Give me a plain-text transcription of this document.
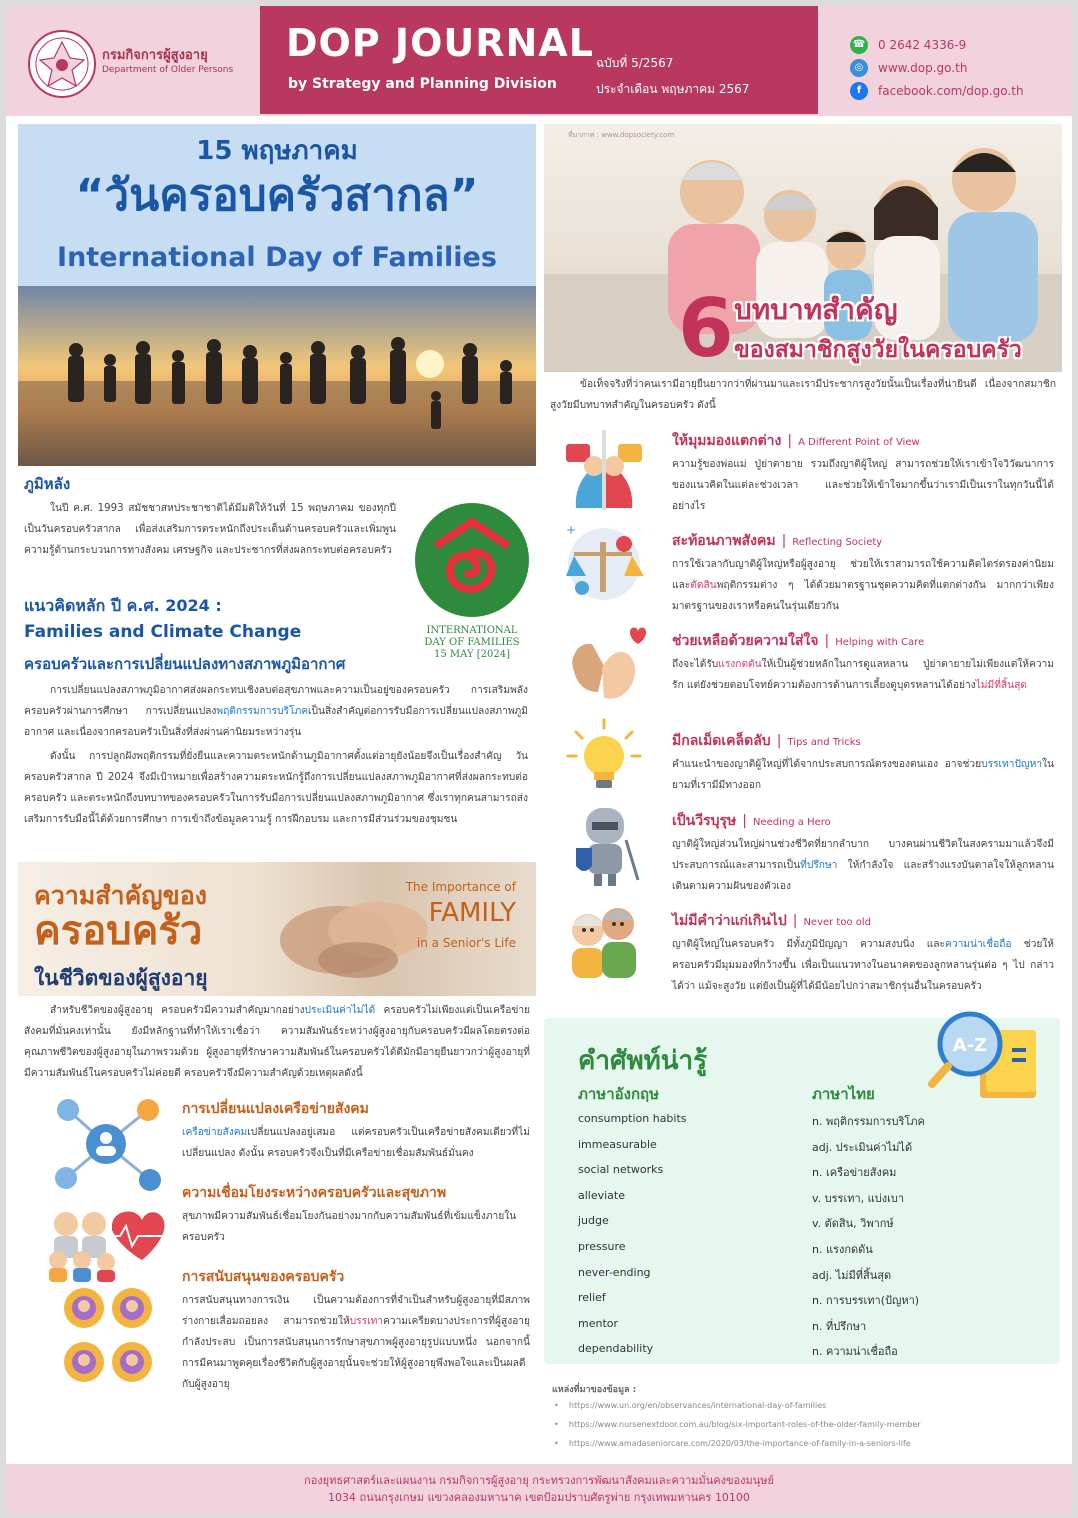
กรมกิจการผู้สูงอายุ
Department of Older Persons
DOP JOURNAL
by Strategy and Planning Division
ฉบับที่ 5/2567
ประจำเดือน พฤษภาคม 2567
☎ 0 2642 4336-9
◎	www.dop.go.th
f	facebook.com/dop.go.th
15 พฤษภาคม
“วันครอบครัวสากล”
International Day of Families
ภูมิหลัง
ในปี ค.ศ. 1993 สมัชชาสหประชาชาติได้มีมติให้วันที่ 15 พฤษภาคม ของทุกปี เป็นวันครอบครัวสากล เพื่อส่งเสริมการตระหนักถึงประเด็นด้านครอบครัวและเพิ่มพูนความรู้ด้านกระบวนการทางสังคม เศรษฐกิจ และประชากรที่ส่งผลกระทบต่อครอบครัว
INTERNATIONAL
DAY OF FAMILIES
15 MAY [2024]
แนวคิดหลัก ปี ค.ศ. 2024 :
Families and Climate Change
ครอบครัวและการเปลี่ยนแปลงทางสภาพภูมิอากาศ
การเปลี่ยนแปลงสภาพภูมิอากาศส่งผลกระทบเชิงลบต่อสุขภาพและความเป็นอยู่ของครอบครัว การเสริมพลังครอบครัวผ่านการศึกษา การเปลี่ยนแปลงพฤติกรรมการบริโภคเป็นสิ่งสำคัญต่อการรับมือการเปลี่ยนแปลงสภาพภูมิอากาศ และเนื่องจากครอบครัวเป็นสิ่งที่ส่งผ่านค่านิยมระหว่างรุ่น
ดังนั้น การปลูกฝังพฤติกรรมที่ยั่งยืนและความตระหนักด้านภูมิอากาศตั้งแต่อายุยังน้อยจึงเป็นเรื่องสำคัญ วันครอบครัวสากล ปี 2024 จึงมีเป้าหมายเพื่อสร้างความตระหนักรู้ถึงการเปลี่ยนแปลงสภาพภูมิอากาศที่ส่งผลกระทบต่อครอบครัว และตระหนักถึงบทบาทของครอบครัวในการรับมือการเปลี่ยนแปลงสภาพภูมิอากาศ ซึ่งเราทุกคนสามารถส่งเสริมการรับมือนี้ได้ด้วยการศึกษา การเข้าถึงข้อมูลความรู้ การฝึกอบรม และการมีส่วนร่วมของชุมชน
ความสำคัญของ
ครอบครัว
ในชีวิตของผู้สูงอายุ
The Importance of
FAMILY
in a Senior's Life
สำหรับชีวิตของผู้สูงอายุ ครอบครัวมีความสำคัญมากอย่างประเมินค่าไม่ได้ ครอบครัวไม่เพียงแต่เป็นเครือข่ายสังคมที่มั่นคงเท่านั้น ยังมีหลักฐานที่ทำให้เราเชื่อว่า ความสัมพันธ์ระหว่างผู้สูงอายุกับครอบครัวมีผลโดยตรงต่อคุณภาพชีวิตของผู้สูงอายุในภาพรวมด้วย ผู้สูงอายุที่รักษาความสัมพันธ์ในครอบครัวได้ดีมักมีอายุยืนยาวกว่าผู้สูงอายุที่มีความสัมพันธ์ในครอบครัวไม่ค่อยดี ครอบครัวจึงมีความสำคัญด้วยเหตุผลดังนี้
การเปลี่ยนแปลงเครือข่ายสังคม
เครือข่ายสังคมเปลี่ยนแปลงอยู่เสมอ แต่ครอบครัวเป็นเครือข่ายสังคมเดียวที่ไม่เปลี่ยนแปลง ดังนั้น ครอบครัวจึงเป็นที่มีเครือข่ายเชื่อมสัมพันธ์มั่นคง
ความเชื่อมโยงระหว่างครอบครัวและสุขภาพ
สุขภาพมีความสัมพันธ์เชื่อมโยงกันอย่างมากกับความสัมพันธ์ที่เข้มแข็งภายในครอบครัว
การสนับสนุนของครอบครัว
การสนับสนุนทางการเงิน เป็นความต้องการที่จำเป็นสำหรับผู้สูงอายุที่มีสภาพร่างกายเสื่อมถอยลง สามารถช่วยให้บรรเทาความเครียดบางประการที่ผู้สูงอายุกำลังประสบ เป็นการสนับสนุนการรักษาสุขภาพผู้สูงอายุรูปแบบหนึ่ง นอกจากนี้ การมีคนมาพูดคุยเรื่องชีวิตกับผู้สูงอายุนั้นจะช่วยให้ผู้สูงอายุพึงพอใจและเป็นผลดีกับผู้สูงอายุ
ที่มาภาพ : www.dopsociety.com
6 บทบาทสำคัญ
ของสมาชิกสูงวัยในครอบครัว
ข้อเท็จจริงที่ว่าคนเรามีอายุยืนยาวกว่าที่ผ่านมาและเรามีประชากรสูงวัยนั้นเป็นเรื่องที่น่ายินดี เนื่องจากสมาชิกสูงวัยมีบทบาทสำคัญในครอบครัว ดังนี้
ให้มุมมองแตกต่าง | A Different Point of View
ความรู้ของพ่อแม่ ปู่ย่าตายาย รวมถึงญาติผู้ใหญ่ สามารถช่วยให้เราเข้าใจวิวัฒนาการของแนวคิดในแต่ละช่วงเวลา และช่วยให้เข้าใจมากขึ้นว่าเรามีเป็นเราในทุกวันนี้ได้อย่างไร
+
สะท้อนภาพสังคม | Reflecting Society
การใช้เวลากับญาติผู้ใหญ่หรือผู้สูงอายุ ช่วยให้เราสามารถใช้ความคิดไตร่ตรองค่านิยมและตัดสินพฤติกรรมต่าง ๆ ได้ด้วยมาตรฐานชุดความคิดที่แตกต่างกัน มากกว่าเพียงมาตรฐานของเราหรือคนในรุ่นเดียวกัน
ช่วยเหลือด้วยความใส่ใจ | Helping with Care
ถึงจะได้รับแรงกดดันให้เป็นผู้ช่วยหลักในการดูแลหลาน ปู่ย่าตายายไม่เพียงแต่ให้ความรัก แต่ยังช่วยตอบโจทย์ความต้องการด้านการเลี้ยงดูบุตรหลานได้อย่างไม่มีที่สิ้นสุด
มีกลเม็ดเคล็ดลับ | Tips and Tricks
คำแนะนำของญาติผู้ใหญ่ที่ได้จากประสบการณ์ตรงของตนเอง อาจช่วยบรรเทาปัญหาในยามที่เรามีมีทางออก
เป็นวีรบุรุษ | Needing a Hero
ญาติผู้ใหญ่ส่วนใหญ่ผ่านช่วงชีวิตที่ยากลำบาก บางคนผ่านชีวิตในสงครามมาแล้วจึงมีประสบการณ์และสามารถเป็นที่ปรึกษา ให้กำลังใจ และสร้างแรงบันดาลใจให้ลูกหลานเดินตามความฝันของตัวเอง
ไม่มีคำว่าแก่เกินไป | Never too old
ญาติผู้ใหญ่ในครอบครัว มีทั้งภูมิปัญญา ความสงบนิ่ง และความน่าเชื่อถือ ช่วยให้ครอบครัวมีมุมมองที่กว้างขึ้น เพื่อเป็นแนวทางในอนาคตของลูกหลานรุ่นต่อ ๆ ไป กล่าวได้ว่า แม้จะสูงวัย แต่ยังเป็นผู้ที่ได้มีน้อยไปกว่าสมาชิกรุ่นอื่นในครอบครัว
คำศัพท์น่ารู้
ภาษาอังกฤษ	ภาษาไทย
A-Z
consumption habits	n. พฤติกรรมการบริโภค
immeasurable	adj. ประเมินค่าไม่ได้
social networks	n. เครือข่ายสังคม
alleviate	v. บรรเทา, แบ่งเบา
judge	v. ตัดสิน, วิพากษ์
pressure	n. แรงกดดัน
never-ending	adj. ไม่มีที่สิ้นสุด
relief	n. การบรรเทา(ปัญหา)
mentor	n. ที่ปรึกษา
dependability	n. ความน่าเชื่อถือ
แหล่งที่มาของข้อมูล :
•    https://www.un.org/en/observances/international-day-of-families
•    https://www.nursenextdoor.com.au/blog/six-important-roles-of-the-older-family-member
•    https://www.amadaseniorcare.com/2020/03/the-importance-of-family-in-a-seniors-life
กองยุทธศาสตร์และแผนงาน กรมกิจการผู้สูงอายุ กระทรวงการพัฒนาสังคมและความมั่นคงของมนุษย์
1034 ถนนกรุงเกษม แขวงคลองมหานาค เขตป้อมปราบศัตรูพ่าย กรุงเทพมหานคร 10100
